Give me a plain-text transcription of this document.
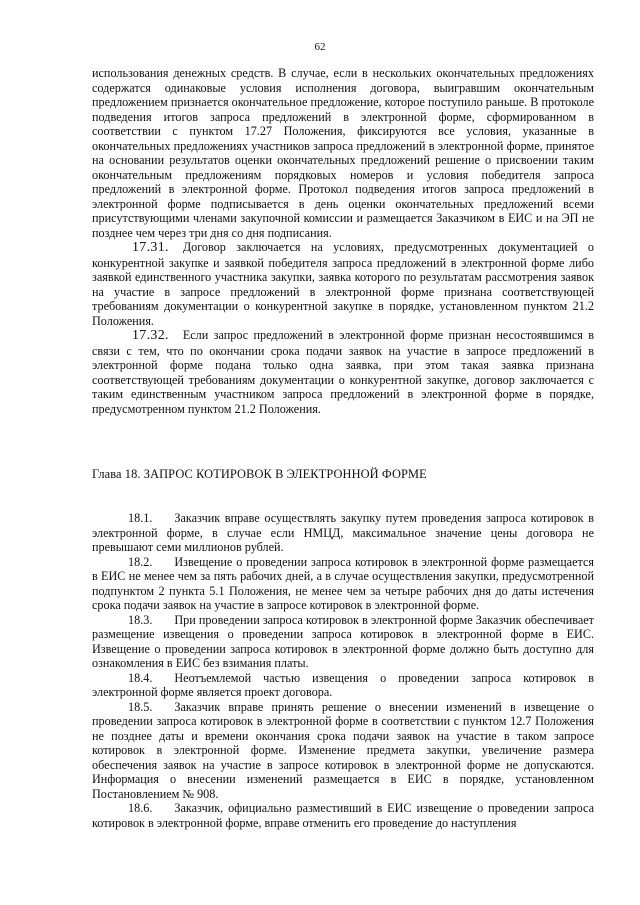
62

использования денежных средств. В случае, если в нескольких окончательных предложениях содержатся одинаковые условия исполнения договора, выигравшим окончательным предложением признается окончательное предложение, которое поступило раньше. В протоколе подведения итогов запроса предложений в электронной форме, сформированном в соответствии с пунктом 17.27 Положения, фиксируются все условия, указанные в окончательных предложениях участников запроса предложений в электронной форме, принятое на основании результатов оценки окончательных предложений решение о присвоении таким окончательным предложениям порядковых номеров и условия победителя запроса предложений в электронной форме. Протокол подведения итогов запроса предложений в электронной форме подписывается в день оценки окончательных предложений всеми присутствующими членами закупочной комиссии и размещается Заказчиком в ЕИС и на ЭП не позднее чем через три дня со дня подписания.

17.31. Договор заключается на условиях, предусмотренных документацией о конкурентной закупке и заявкой победителя запроса предложений в электронной форме либо заявкой единственного участника закупки, заявка которого по результатам рассмотрения заявок на участие в запросе предложений в электронной форме признана соответствующей требованиям документации о конкурентной закупке в порядке, установленном пунктом 21.2 Положения.

17.32. Если запрос предложений в электронной форме признан несостоявшимся в связи с тем, что по окончании срока подачи заявок на участие в запросе предложений в электронной форме подана только одна заявка, при этом такая заявка признана соответствующей требованиям документации о конкурентной закупке, договор заключается с таким единственным участником запроса предложений в электронной форме в порядке, предусмотренном пунктом 21.2 Положения.

Глава 18. ЗАПРОС КОТИРОВОК В ЭЛЕКТРОННОЙ ФОРМЕ

18.1. Заказчик вправе осуществлять закупку путем проведения запроса котировок в электронной форме, в случае если НМЦД, максимальное значение цены договора не превышают семи миллионов рублей.

18.2. Извещение о проведении запроса котировок в электронной форме размещается в ЕИС не менее чем за пять рабочих дней, а в случае осуществления закупки, предусмотренной подпунктом 2 пункта 5.1 Положения, не менее чем за четыре рабочих дня до даты истечения срока подачи заявок на участие в запросе котировок в электронной форме.

18.3. При проведении запроса котировок в электронной форме Заказчик обеспечивает размещение извещения о проведении запроса котировок в электронной форме в ЕИС. Извещение о проведении запроса котировок в электронной форме должно быть доступно для ознакомления в ЕИС без взимания платы.

18.4. Неотъемлемой частью извещения о проведении запроса котировок в электронной форме является проект договора.

18.5. Заказчик вправе принять решение о внесении изменений в извещение о проведении запроса котировок в электронной форме в соответствии с пунктом 12.7 Положения не позднее даты и времени окончания срока подачи заявок на участие в таком запросе котировок в электронной форме. Изменение предмета закупки, увеличение размера обеспечения заявок на участие в запросе котировок в электронной форме не допускаются. Информация о внесении изменений размещается в ЕИС в порядке, установленном Постановлением № 908.

18.6. Заказчик, официально разместивший в ЕИС извещение о проведении запроса котировок в электронной форме, вправе отменить его проведение до наступления
